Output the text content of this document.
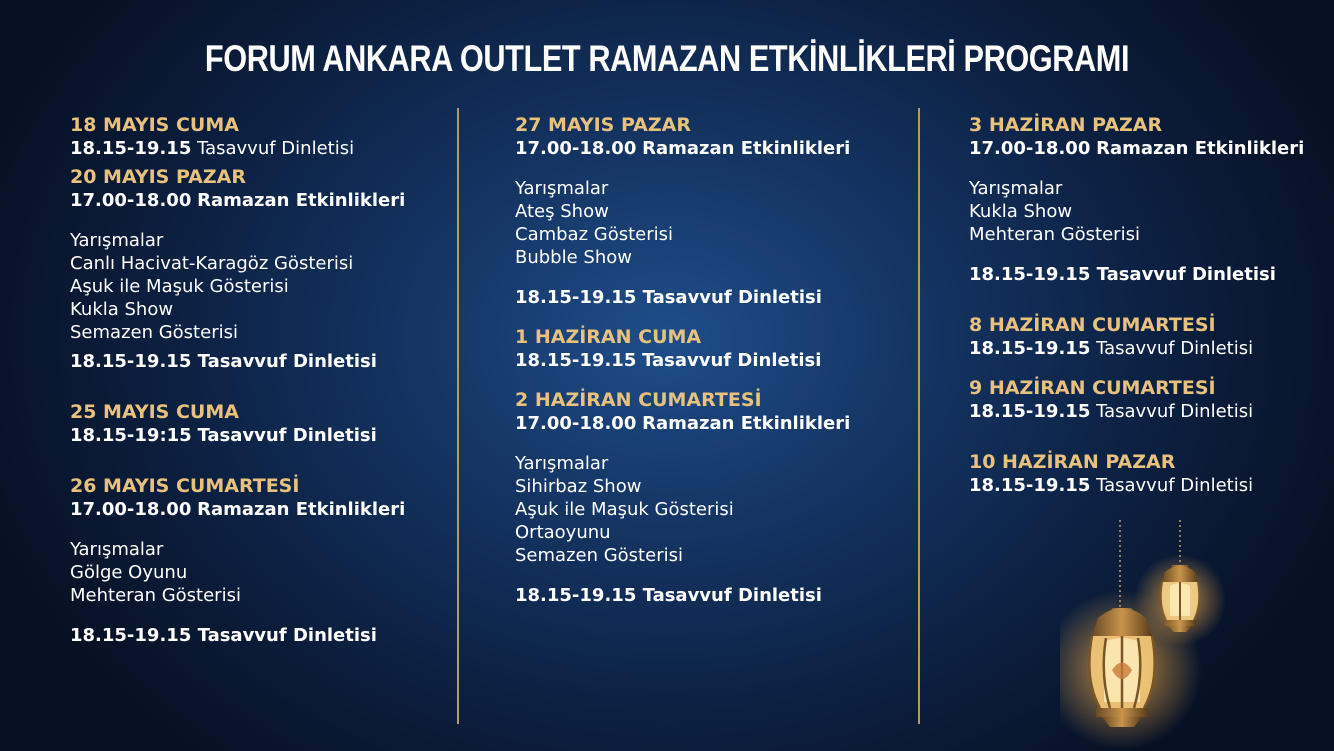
FORUM ANKARA OUTLET RAMAZAN ETKİNLİKLERİ PROGRAMI
18 MAYIS CUMA
18.15-19.15 Tasavvuf Dinletisi
20 MAYIS PAZAR
17.00-18.00 Ramazan Etkinlikleri
Yarışmalar
Canlı Hacivat-Karagöz Gösterisi
Aşuk ile Maşuk Gösterisi
Kukla Show
Semazen Gösterisi
18.15-19.15 Tasavvuf Dinletisi
25 MAYIS CUMA
18.15-19:15 Tasavvuf Dinletisi
26 MAYIS CUMARTESİ
17.00-18.00 Ramazan Etkinlikleri
Yarışmalar
Gölge Oyunu
Mehteran Gösterisi
18.15-19.15 Tasavvuf Dinletisi
27 MAYIS PAZAR
17.00-18.00 Ramazan Etkinlikleri
Yarışmalar
Ateş Show
Cambaz Gösterisi
Bubble Show
18.15-19.15 Tasavvuf Dinletisi
1 HAZİRAN CUMA
18.15-19.15 Tasavvuf Dinletisi
2 HAZİRAN CUMARTESİ
17.00-18.00 Ramazan Etkinlikleri
Yarışmalar
Sihirbaz Show
Aşuk ile Maşuk Gösterisi
Ortaoyunu
Semazen Gösterisi
18.15-19.15 Tasavvuf Dinletisi
3 HAZİRAN PAZAR
17.00-18.00 Ramazan Etkinlikleri
Yarışmalar
Kukla Show
Mehteran Gösterisi
18.15-19.15 Tasavvuf Dinletisi
8 HAZİRAN CUMARTESİ
18.15-19.15 Tasavvuf Dinletisi
9 HAZİRAN CUMARTESİ
18.15-19.15 Tasavvuf Dinletisi
10 HAZİRAN PAZAR
18.15-19.15 Tasavvuf Dinletisi
